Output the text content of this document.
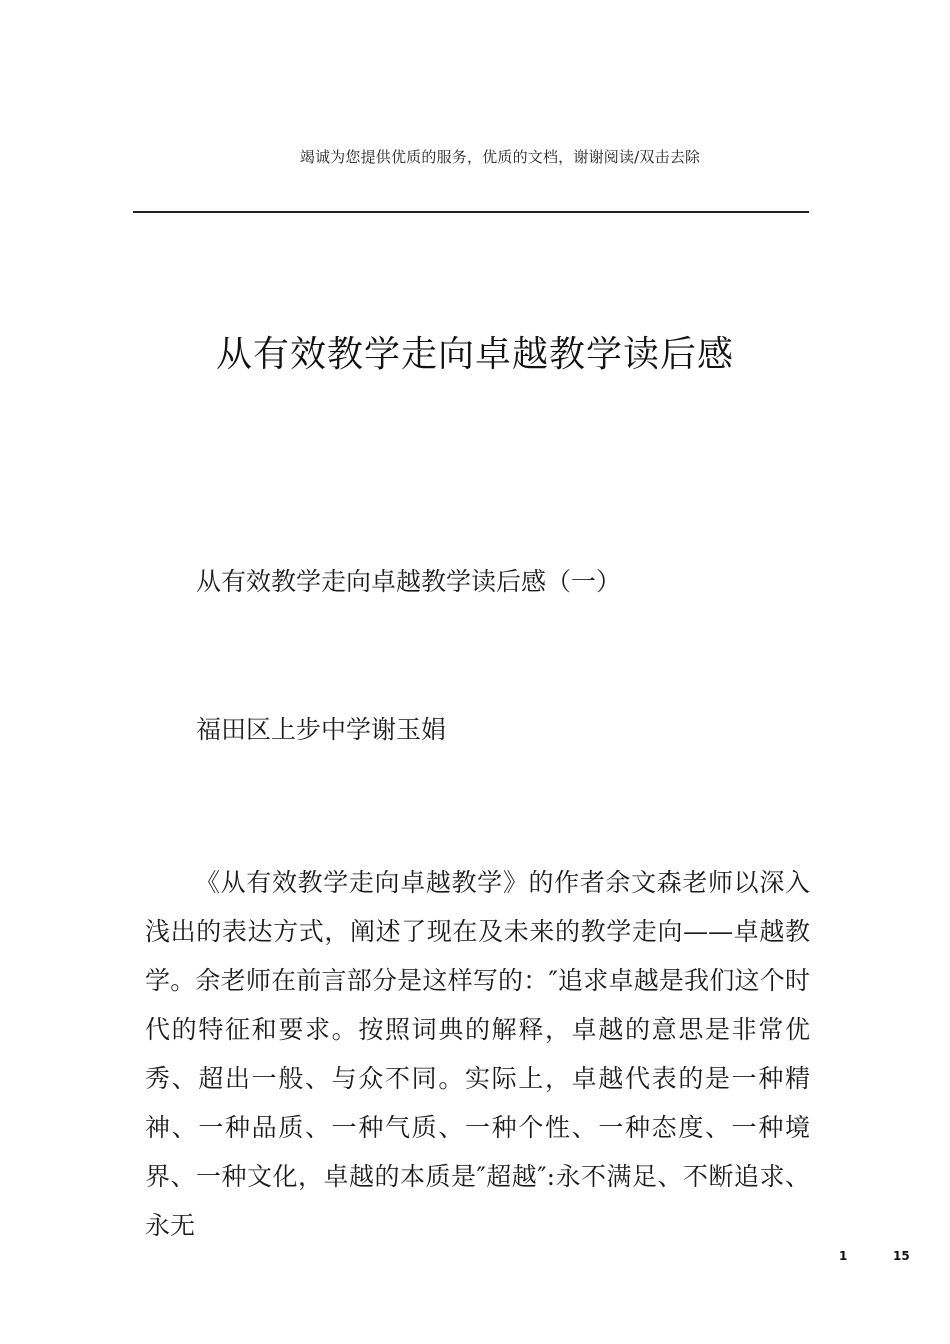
竭诚为您提供优质的服务，优质的文档，谢谢阅读/双击去除
从有效教学走向卓越教学读后感
从有效教学走向卓越教学读后感（一）
福田区上步中学谢玉娟

《从有效教学走向卓越教学》的作者余文森老师以深入浅出的表达方式，阐述了现在及未来的教学走向——卓越教学。余老师在前言部分是这样写的：″追求卓越是我们这个时代的特征和要求。按照词典的解释，卓越的意思是非常优秀、超出一般、与众不同。实际上，卓越代表的是一种精神、一种品质、一种气质、一种个性、一种态度、一种境界、一种文化，卓越的本质是″超越″:永不满足、不断追求、永无

1	15
